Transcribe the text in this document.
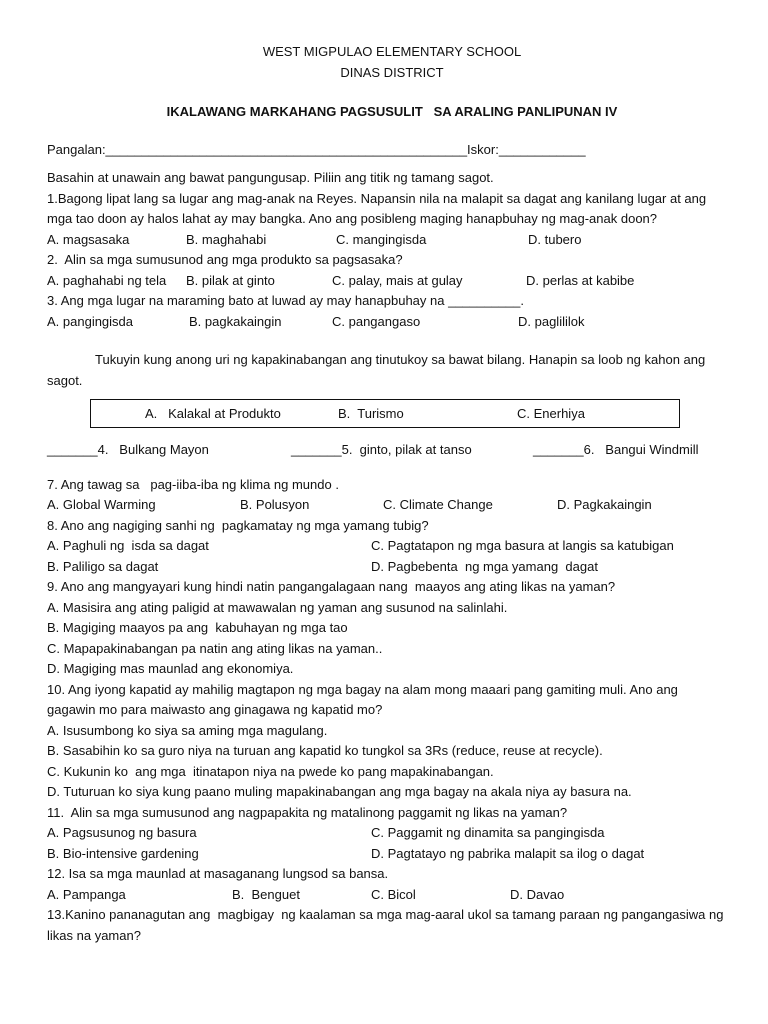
WEST MIGPULAO ELEMENTARY SCHOOL
DINAS DISTRICT
IKALAWANG MARKAHANG PAGSUSULIT   SA ARALING PANLIPUNAN IV
Pangalan:__________________________________________________Iskor:____________
Basahin at unawain ang bawat pangungusap. Piliin ang titik ng tamang sagot.
1.Bagong lipat lang sa lugar ang mag-anak na Reyes. Napansin nila na malapit sa dagat ang kanilang lugar at ang mga tao doon ay halos lahat ay may bangka. Ano ang posibleng maging hanapbuhay ng mag-anak doon?
A. magsasaka	B. maghahabi	C. mangingisda	D. tubero
2.  Alin sa mga sumusunod ang mga produkto sa pagsasaka?
A. paghahabi ng tela B. pilak at ginto	C. palay, mais at gulay	D. perlas at kabibe
3. Ang mga lugar na maraming bato at luwad ay may hanapbuhay na __________.
A. pangingisda	B. pagkakaingin	C. pangangaso	D. paglililok
Tukuyin kung anong uri ng kapakinabangan ang tinutukoy sa bawat bilang. Hanapin sa loob ng kahon ang sagot.
A.   Kalakal at Produkto	B.  Turismo	C. Enerhiya
_______4.   Bulkang Mayon	_______5.  ginto, pilak at tanso	_______6.   Bangui Windmill
7. Ang tawag sa   pag-iiba-iba ng klima ng mundo .
A. Global Warming	B. Polusyon	C. Climate Change	D. Pagkakaingin
8. Ano ang nagiging sanhi ng  pagkamatay ng mga yamang tubig?
A. Paghuli ng  isda sa dagat	C. Pagtatapon ng mga basura at langis sa katubigan
B. Paliligo sa dagat	D. Pagbebenta  ng mga yamang  dagat
9. Ano ang mangyayari kung hindi natin pangangalagaan nang  maayos ang ating likas na yaman?
A. Masisira ang ating paligid at mawawalan ng yaman ang susunod na salinlahi.
B. Magiging maayos pa ang  kabuhayan ng mga tao
C. Mapapakinabangan pa natin ang ating likas na yaman..
D. Magiging mas maunlad ang ekonomiya.
10. Ang iyong kapatid ay mahilig magtapon ng mga bagay na alam mong maaari pang gamiting muli. Ano ang gagawin mo para maiwasto ang ginagawa ng kapatid mo?
A. Isusumbong ko siya sa aming mga magulang.
B. Sasabihin ko sa guro niya na turuan ang kapatid ko tungkol sa 3Rs (reduce, reuse at recycle).
C. Kukunin ko  ang mga  itinatapon niya na pwede ko pang mapakinabangan.
D. Tuturuan ko siya kung paano muling mapakinabangan ang mga bagay na akala niya ay basura na.
11.  Alin sa mga sumusunod ang nagpapakita ng matalinong paggamit ng likas na yaman?
A. Pagsusunog ng basura	C. Paggamit ng dinamita sa pangingisda
B. Bio-intensive gardening	D. Pagtatayo ng pabrika malapit sa ilog o dagat
12. Isa sa mga maunlad at masaganang lungsod sa bansa.
A. Pampanga	B.  Benguet	C. Bicol	D. Davao
13.Kanino pananagutan ang  magbigay  ng kaalaman sa mga mag-aaral ukol sa tamang paraan ng pangangasiwa ng likas na yaman?
